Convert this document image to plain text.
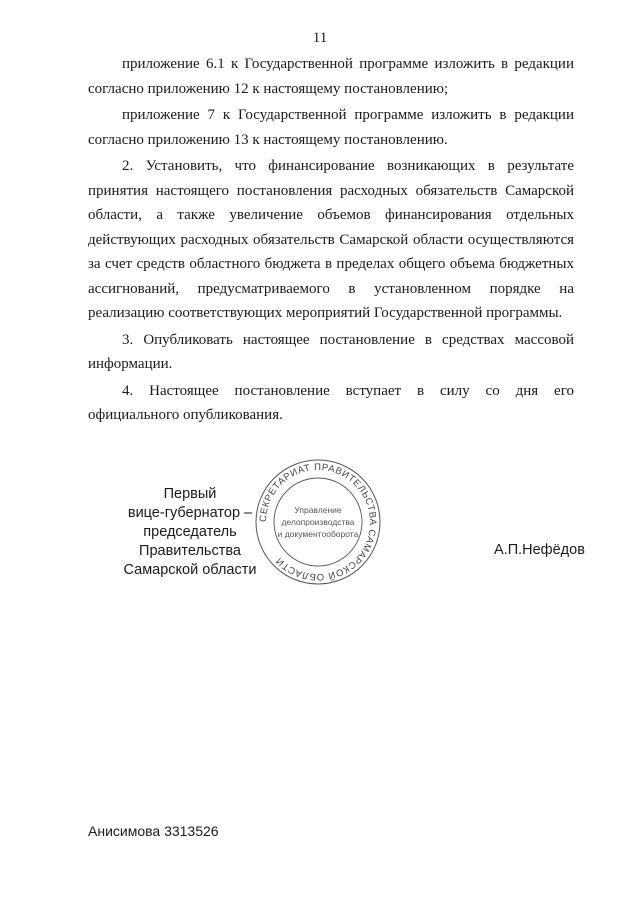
11

приложение 6.1 к Государственной программе изложить в редакции
согласно приложению 12 к настоящему постановлению;

приложение 7 к Государственной программе изложить в редакции
согласно приложению 13 к настоящему постановлению.

2. Установить, что финансирование возникающих в результате
принятия настоящего постановления расходных обязательств Самарской
области, а также увеличение объемов финансирования отдельных
действующих расходных обязательств Самарской области осуществляются
за счет средств областного бюджета в пределах общего объема бюджетных
ассигнований, предусматриваемого в установленном порядке на
реализацию соответствующих мероприятий Государственной программы.

3. Опубликовать настоящее постановление в средствах массовой
информации.

4. Настоящее постановление вступает в силу со дня его
официального опубликования.

Первый
вице-губернатор –
председатель Правительства
Самарской области
СЕКРЕТАРИАТ ПРАВИТЕЛЬСТВА САМАРСКОЙ ОБЛАСТИ
Управление
делопроизводства
и документооборота
А.П.Нефёдов
Анисимова 3313526
